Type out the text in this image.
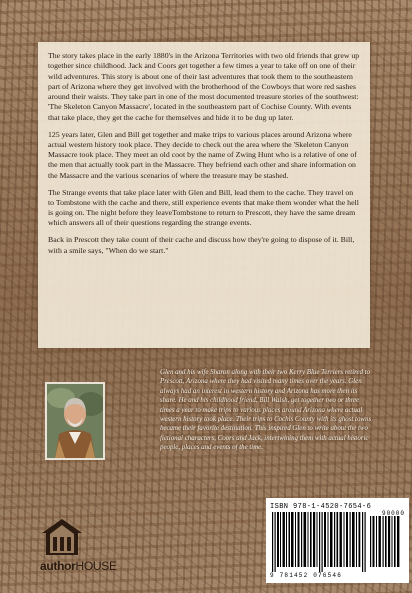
The story takes place in the early 1880's in the Arizona Territories with two old friends that grew up together since childhood. Jack and Coors get together a few times a year to take off on one of their wild adventures. This story is about one of their last adventures that took them to the southeastern part of Arizona where they get involved with the brotherhood of the Cowboys that wore red sashes around their waists. They take part in one of the most documented treasure stories of the southwest: 'The Skeleton Canyon Massacre', located in the southeastern part of Cochise County. With events that take place, they get the cache for themselves and hide it to be dug up later.

125 years later, Glen and Bill get together and make trips to various places around Arizona where actual western history took place. They decide to check out the area where the 'Skeleton Canyon Massacre took place. They meet an old coot by the name of Zwing Hunt who is a relative of one of the men that actually took part in the Massacre. They befriend each other and share information on the Massacre and the various scenarios of where the treasure may be stashed.

The Strange events that take place later with Glen and Bill, lead them to the cache. They travel on to Tombstone with the cache and there, still experience events that make them wonder what the hell is going on. The night before they leaveTombstone to return to Prescott, they have the same dream which answers all of their questions regarding the strange events.

Back in Prescott they take count of their cache and discuss how they're going to dispose of it. Bill, with a smile says, "When do we start."

Glen and his wife Sharon along with their two Kerry Blue Terriers retired to Prescott, Arizona where they had visited many times over the years. Glen always had an interest in western history and Arizona has more then its share. He and his childhood friend, Bill Walsh, get together two or three times a year to make trips to various places around Arizona where actual western history took place. Their trips to Cochis County with its ghost towns became their favorite destination. This inspired Glen to write about the two fictional characters, Coors and Jack, intertwining them with actual historic people, places and events of the time.
authorHOUSE
ISBN 978-1-4520-7654-6
9 781452 076546
90000
